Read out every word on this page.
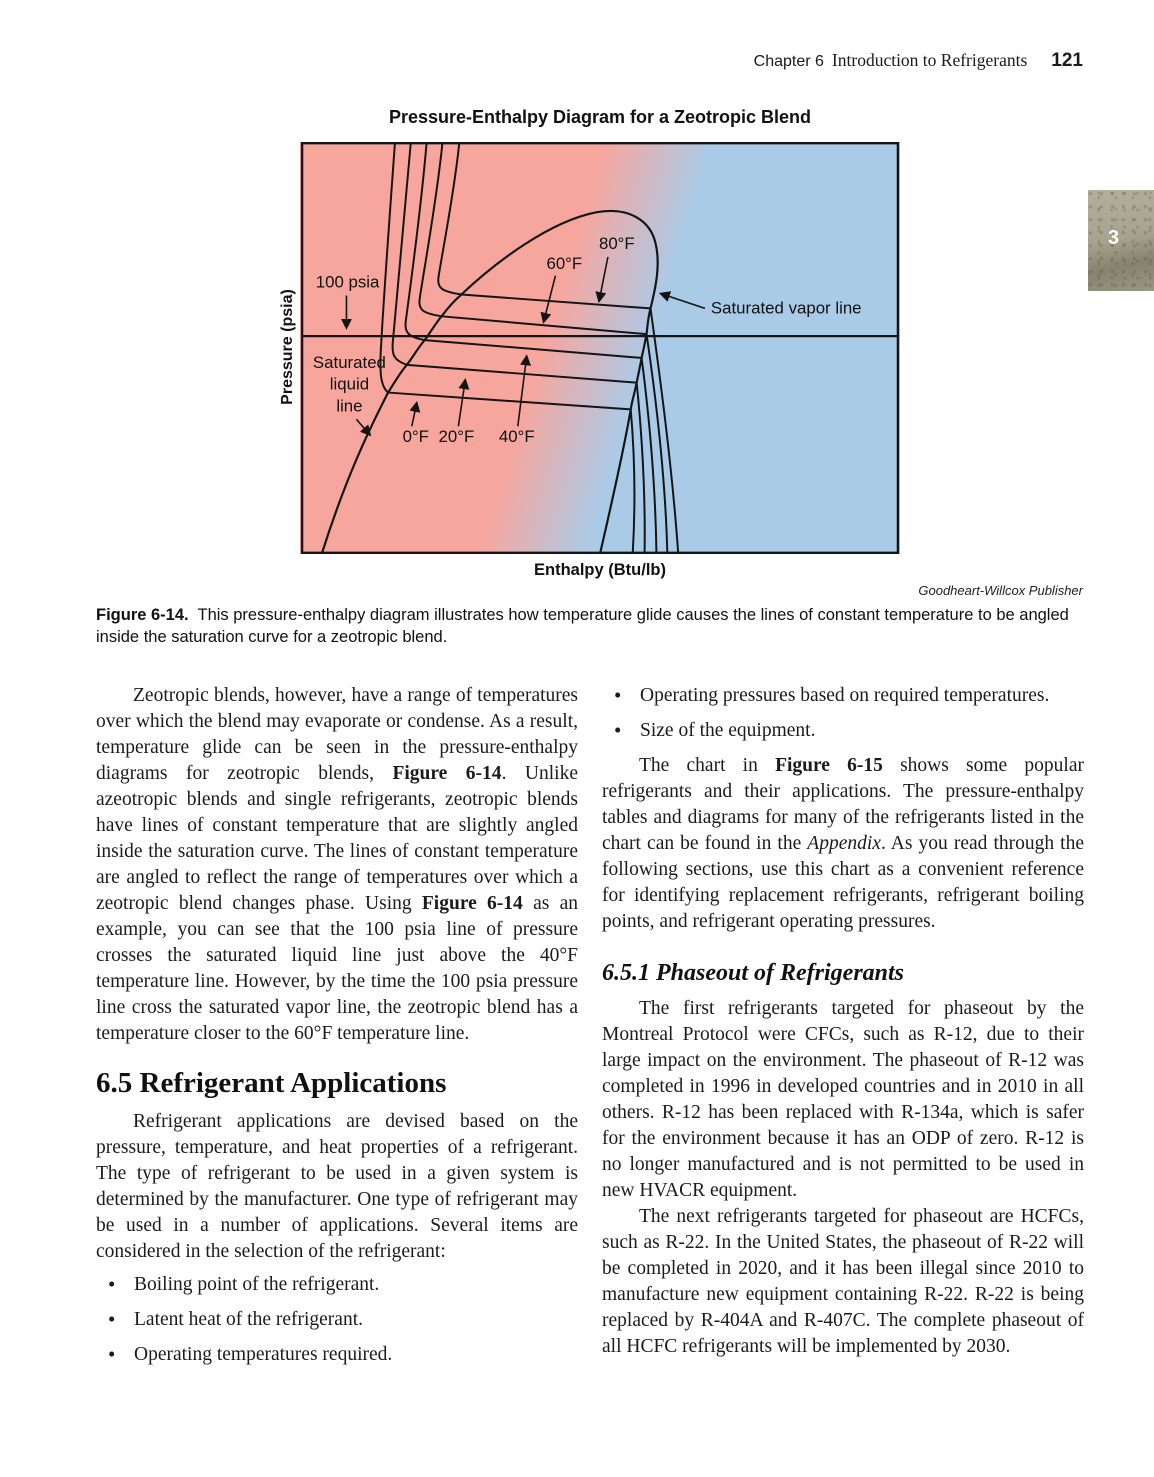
Chapter 6 Introduction to Refrigerants 121
3
Pressure-Enthalpy Diagram for a Zeotropic Blend
Pressure (psia)
100 psia
Saturated
liquid
line
0°F 20°F 40°F
60°F
80°F
Saturated vapor line
Enthalpy (Btu/lb)
Goodheart-Willcox Publisher

Figure 6-14. This pressure-enthalpy diagram illustrates how temperature glide causes the lines of constant temperature to be angled inside the saturation curve for a zeotropic blend.

Zeotropic blends, however, have a range of temperatures over which the blend may evaporate or condense. As a result, temperature glide can be seen in the pressure-enthalpy diagrams for zeotropic blends, Figure 6-14. Unlike azeotropic blends and single refrigerants, zeotropic blends have lines of constant temperature that are slightly angled inside the saturation curve. The lines of constant temperature are angled to reflect the range of temperatures over which a zeotropic blend changes phase. Using Figure 6-14 as an example, you can see that the 100 psia line of pressure crosses the saturated liquid line just above the 40°F temperature line. However, by the time the 100 psia pressure line cross the saturated vapor line, the zeotropic blend has a temperature closer to the 60°F temperature line.

6.5 Refrigerant Applications

Refrigerant applications are devised based on the pressure, temperature, and heat properties of a refrigerant. The type of refrigerant to be used in a given system is determined by the manufacturer. One type of refrigerant may be used in a number of applications. Several items are considered in the selection of the refrigerant:

• Boiling point of the refrigerant.
• Latent heat of the refrigerant.
• Operating temperatures required.
• Operating pressures based on required temperatures.
• Size of the equipment.

The chart in Figure 6-15 shows some popular refrigerants and their applications. The pressure-enthalpy tables and diagrams for many of the refrigerants listed in the chart can be found in the Appendix. As you read through the following sections, use this chart as a convenient reference for identifying replacement refrigerants, refrigerant boiling points, and refrigerant operating pressures.

6.5.1 Phaseout of Refrigerants

The first refrigerants targeted for phaseout by the Montreal Protocol were CFCs, such as R-12, due to their large impact on the environment. The phaseout of R-12 was completed in 1996 in developed countries and in 2010 in all others. R-12 has been replaced with R-134a, which is safer for the environment because it has an ODP of zero. R-12 is no longer manufactured and is not permitted to be used in new HVACR equipment.

The next refrigerants targeted for phaseout are HCFCs, such as R-22. In the United States, the phaseout of R-22 will be completed in 2020, and it has been illegal since 2010 to manufacture new equipment containing R-22. R-22 is being replaced by R-404A and R-407C. The complete phaseout of all HCFC refrigerants will be implemented by 2030.
